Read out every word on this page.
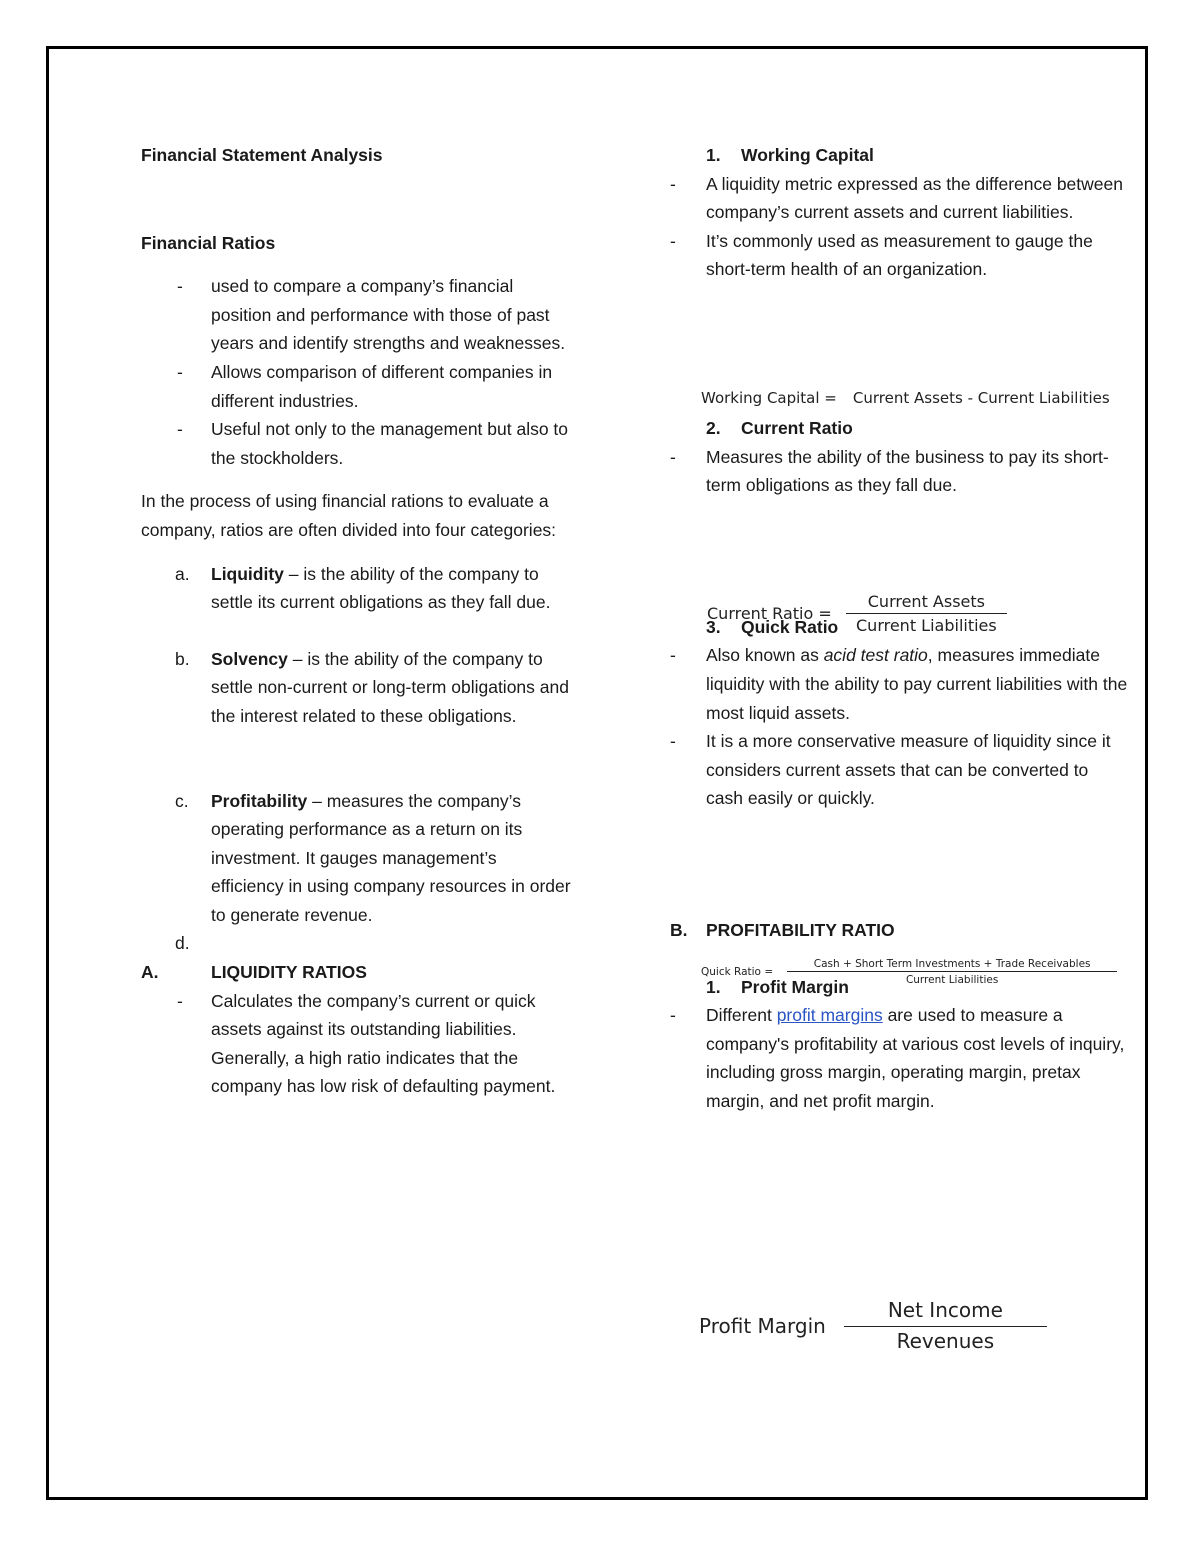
Financial Statement Analysis

Financial Ratios

-	used to compare a company’s financial position and performance with those of past years and identify strengths and weaknesses.
-	Allows comparison of different companies in different industries.
-	Useful not only to the management but also to the stockholders.

In the process of using financial rations to evaluate a company, ratios are often divided into four categories:

a.	Liquidity – is the ability of the company to settle its current obligations as they fall due.
b.	Solvency – is the ability of the company to settle non-current or long-term obligations and the interest related to these obligations.
c.	Profitability – measures the company’s operating performance as a return on its investment. It gauges management’s efficiency in using company resources in order to generate revenue.
d.
A.	LIQUIDITY RATIOS
-	Calculates the company’s current or quick assets against its outstanding liabilities. Generally, a high ratio indicates that the company has low risk of defaulting payment.
1.	Working Capital
-	A liquidity metric expressed as the difference between company’s current assets and current liabilities.
-	It’s commonly used as measurement to gauge the short-term health of an organization.
2.	Current Ratio
-	Measures the ability of the business to pay its short-term obligations as they fall due.
3.	Quick Ratio
-	Also known as acid test ratio, measures immediate liquidity with the ability to pay current liabilities with the most liquid assets.
-	It is a more conservative measure of liquidity since it considers current assets that can be converted to cash easily or quickly.
B.	PROFITABILITY RATIO
1.	Profit Margin
-	Different profit margins are used to measure a company's profitability at various cost levels of inquiry, including gross margin, operating margin, pretax margin, and net profit margin.
Working Capital = Current Assets - Current Liabilities
Current Ratio =
Current Assets
Current Liabilities
Quick Ratio =
Cash + Short Term Investments + Trade Receivables
Current Liabilities
Profit Margin
Net Income
Revenues
